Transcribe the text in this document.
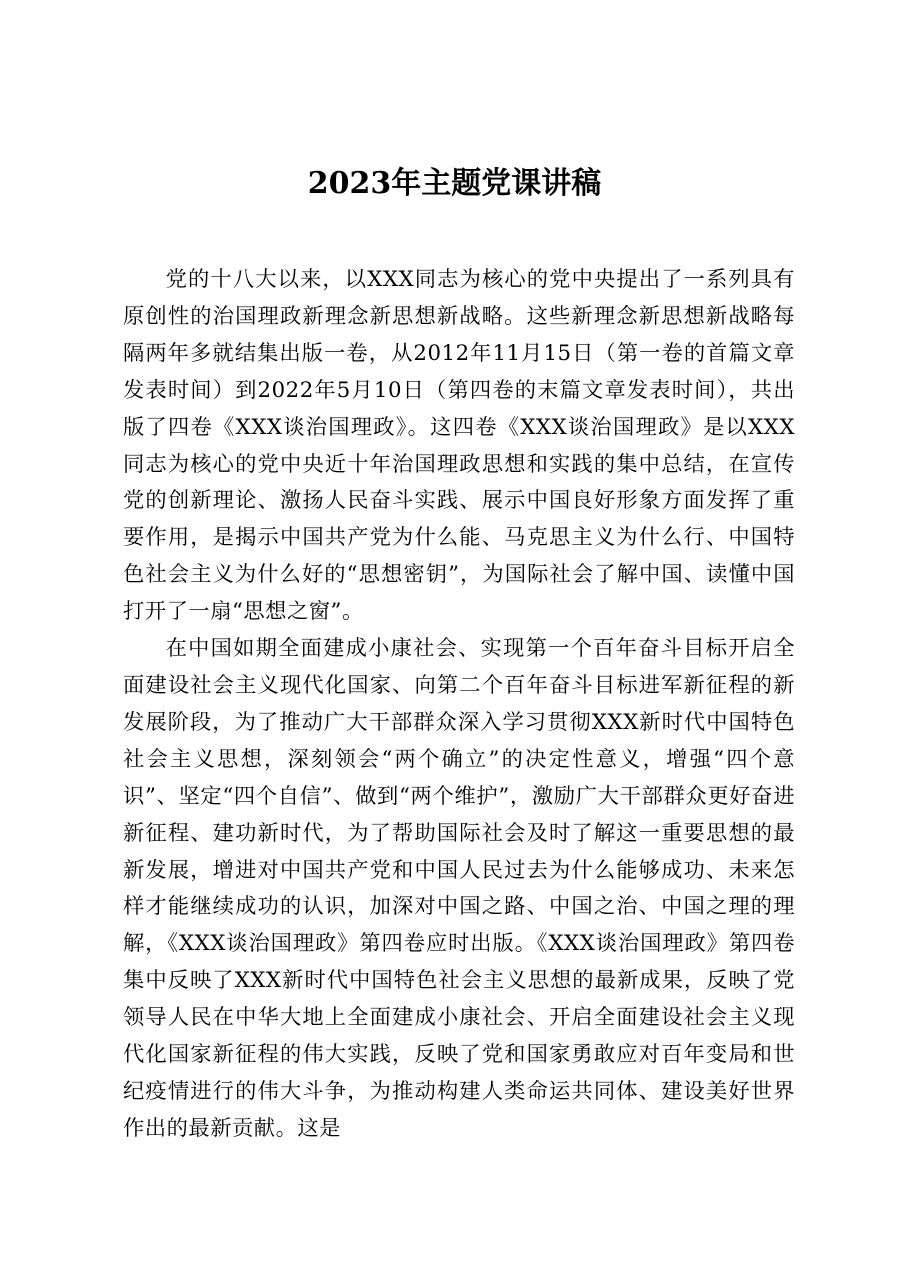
2023年主题党课讲稿

党的十八大以来，以XXX同志为核心的党中央提出了一系列具有原创性的治国理政新理念新思想新战略。这些新理念新思想新战略每隔两年多就结集出版一卷，从2012年11月15日（第一卷的首篇文章发表时间）到2022年5月10日（第四卷的末篇文章发表时间），共出版了四卷《XXX谈治国理政》。这四卷《XXX谈治国理政》是以XXX同志为核心的党中央近十年治国理政思想和实践的集中总结，在宣传党的创新理论、激扬人民奋斗实践、展示中国良好形象方面发挥了重要作用，是揭示中国共产党为什么能、马克思主义为什么行、中国特色社会主义为什么好的“思想密钥”，为国际社会了解中国、读懂中国打开了一扇“思想之窗”。

在中国如期全面建成小康社会、实现第一个百年奋斗目标开启全面建设社会主义现代化国家、向第二个百年奋斗目标进军新征程的新发展阶段，为了推动广大干部群众深入学习贯彻XXX新时代中国特色社会主义思想，深刻领会“两个确立”的决定性意义，增强“四个意识”、坚定“四个自信”、做到“两个维护”，激励广大干部群众更好奋进新征程、建功新时代，为了帮助国际社会及时了解这一重要思想的最新发展，增进对中国共产党和中国人民过去为什么能够成功、未来怎样才能继续成功的认识，加深对中国之路、中国之治、中国之理的理解，《XXX谈治国理政》第四卷应时出版。《XXX谈治国理政》第四卷集中反映了XXX新时代中国特色社会主义思想的最新成果，反映了党领导人民在中华大地上全面建成小康社会、开启全面建设社会主义现代化国家新征程的伟大实践，反映了党和国家勇敢应对百年变局和世纪疫情进行的伟大斗争，为推动构建人类命运共同体、建设美好世界作出的最新贡献。这是
